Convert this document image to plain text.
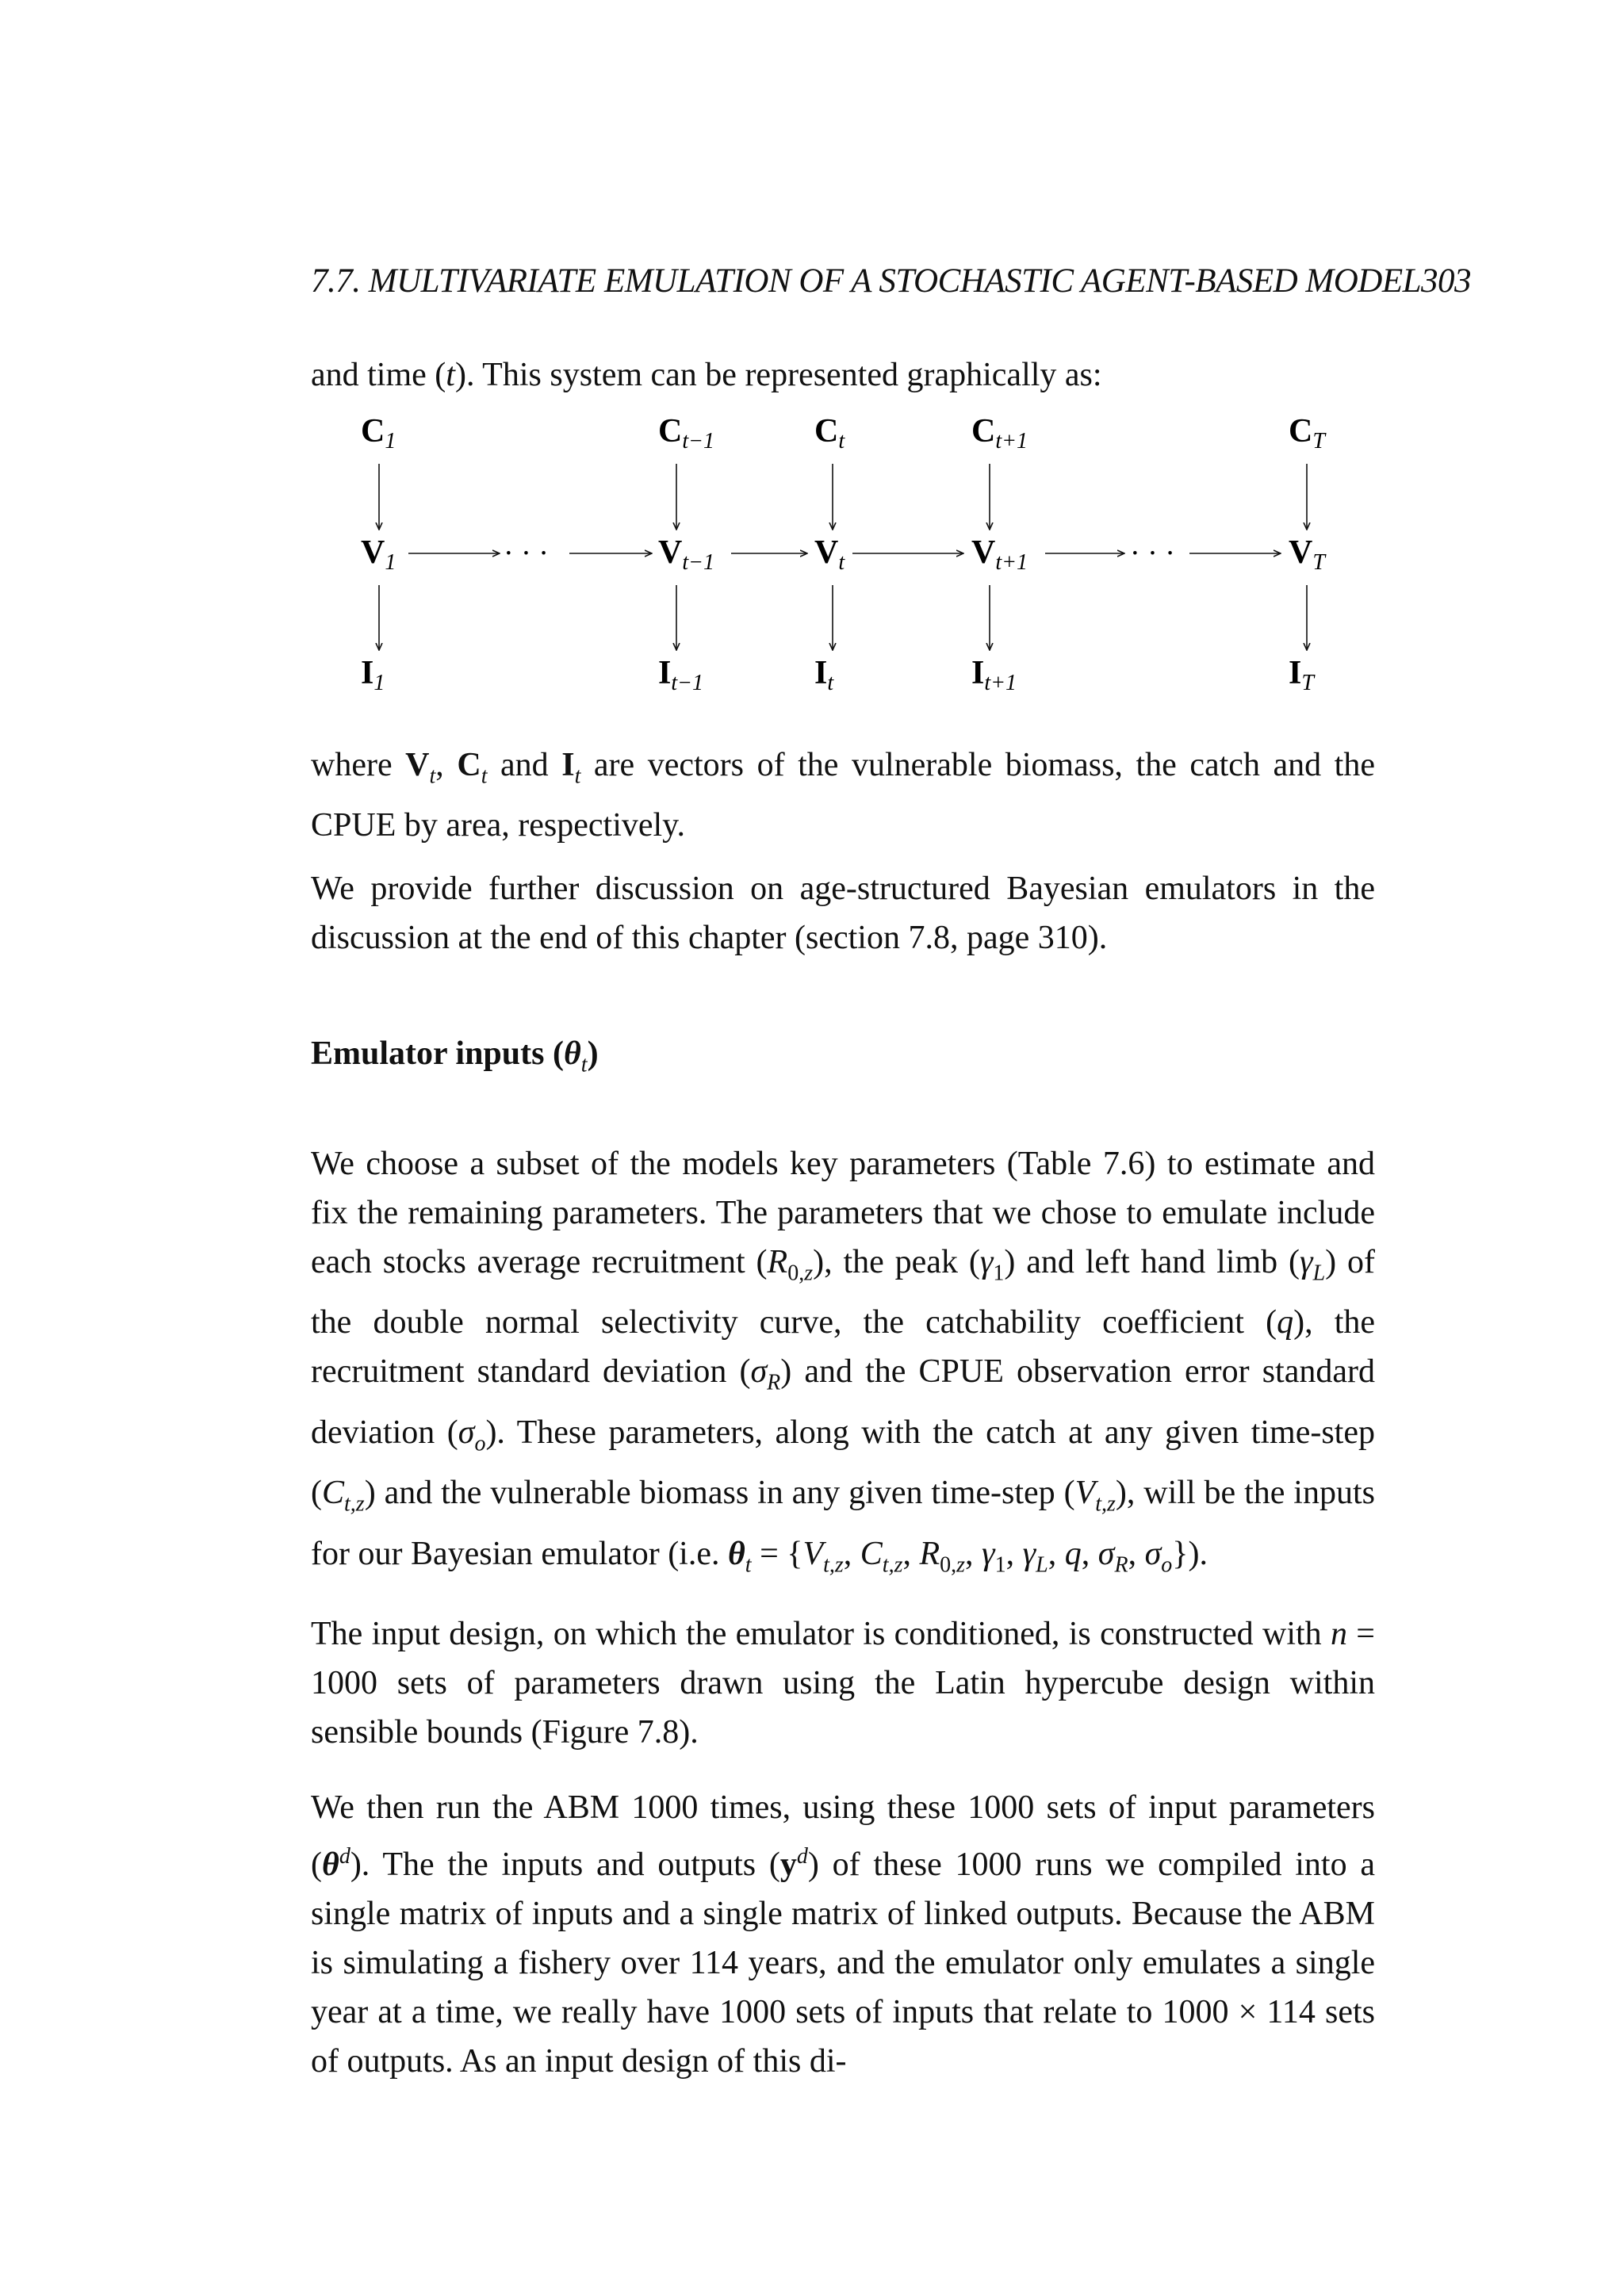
7.7. MULTIVARIATE EMULATION OF A STOCHASTIC AGENT-BASED MODEL303

and time (t). This system can be represented graphically as:

C1
V1
I1
Ct−1
Vt−1
It−1
Ct
Vt
It
Ct+1
Vt+1
It+1
CT
VT
IT
· · ·	· · ·

where $V_t$, $C_t$ and $I_t$ are vectors of the vulnerable biomass, the catch and the CPUE by area, respectively.

We provide further discussion on age-structured Bayesian emulators in the discussion at the end of this chapter (section 7.8, page 310).

Emulator inputs $(\theta_t)$

We choose a subset of the models key parameters (Table 7.6) to estimate and fix the remaining parameters. The parameters that we chose to emulate include each stocks average recruitment $(R_{0,z})$, the peak $(\gamma_1)$ and left hand limb $(\gamma_L)$ of the double normal selectivity curve, the catchability coefficient (q), the recruitment standard deviation $(\sigma_R)$ and the CPUE observation error standard deviation $(\sigma_o)$. These parameters, along with the catch at any given time-step $(C_{t,z})$ and the vulnerable biomass in any given time-step $(V_{t,z})$, will be the inputs for our Bayesian emulator (i.e. $\theta_t = \{V_{t,z}$, $C_{t,z}$, $R_{0,z}$, $\gamma_1$, $\gamma_L$, q, $\sigma_R$, $\sigma_o$}).

The input design, on which the emulator is conditioned, is constructed with n = 1000 sets of parameters drawn using the Latin hypercube design within sensible bounds (Figure 7.8).

We then run the ABM 1000 times, using these 1000 sets of input parameters $(\theta^d)$. The the inputs and outputs $(y^d)$ of these 1000 runs we compiled into a single matrix of inputs and a single matrix of linked outputs. Because the ABM is simulating a fishery over 114 years, and the emulator only emulates a single year at a time, we really have 1000 sets of inputs that relate to 1000 × 114 sets of outputs. As an input design of this di-
